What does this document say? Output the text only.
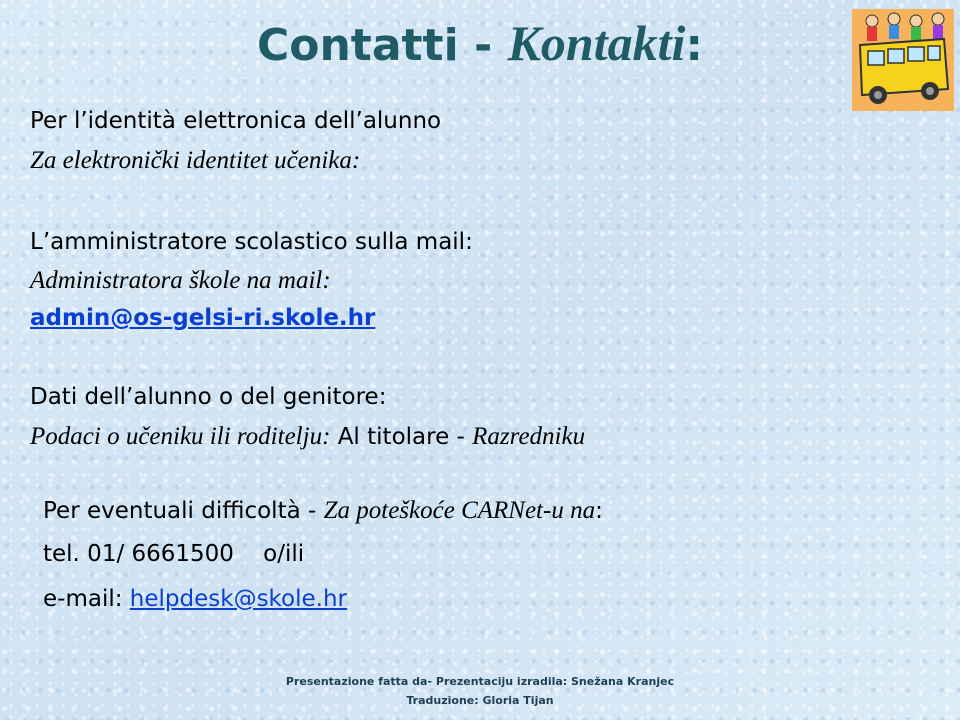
Contatti - Kontakti:
Per l’identità elettronica dell’alunno
Za elektronički identitet učenika:
L’amministratore scolastico sulla mail:
Administratora škole na mail:
admin@os-gelsi-ri.skole.hr
Dati dell’alunno o del genitore:
Podaci o učeniku ili roditelju: Al titolare - Razredniku
Per eventuali difficoltà - Za poteškoće CARNet-u na:
tel. 01/ 6661500    o/ili
e-mail: helpdesk@skole.hr
Presentazione fatta da- Prezentaciju izradila: Snežana Kranjec
Traduzione: Gloria Tijan
